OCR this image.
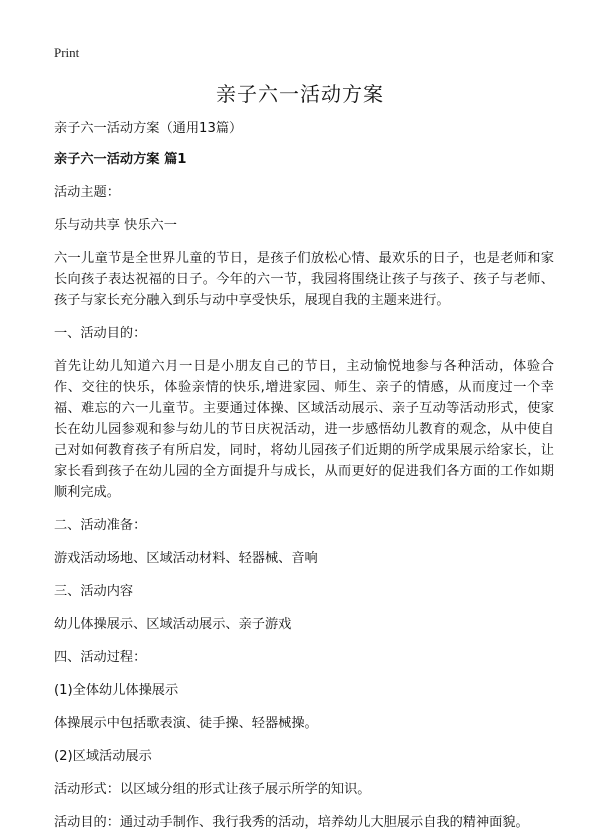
Print
亲子六一活动方案

亲子六一活动方案（通用13篇）

亲子六一活动方案 篇1

活动主题：

乐与动共享 快乐六一

六一儿童节是全世界儿童的节日，是孩子们放松心情、最欢乐的日子，也是老师和家长向孩子表达祝福的日子。今年的六一节，我园将围绕让孩子与孩子、孩子与老师、孩子与家长充分融入到乐与动中享受快乐，展现自我的主题来进行。

一、活动目的：

首先让幼儿知道六月一日是小朋友自己的节日，主动愉悦地参与各种活动，体验合作、交往的快乐，体验亲情的快乐,增进家园、师生、亲子的情感，从而度过一个幸福、难忘的六一儿童节。主要通过体操、区域活动展示、亲子互动等活动形式，使家长在幼儿园参观和参与幼儿的节日庆祝活动，进一步感悟幼儿教育的观念，从中使自己对如何教育孩子有所启发，同时，将幼儿园孩子们近期的所学成果展示给家长，让家长看到孩子在幼儿园的全方面提升与成长，从而更好的促进我们各方面的工作如期顺利完成。

二、活动准备：

游戏活动场地、区域活动材料、轻器械、音响

三、活动内容

幼儿体操展示、区域活动展示、亲子游戏

四、活动过程：

(1)全体幼儿体操展示

体操展示中包括歌表演、徒手操、轻器械操。

(2)区域活动展示

活动形式：以区域分组的形式让孩子展示所学的知识。

活动目的：通过动手制作、我行我秀的活动，培养幼儿大胆展示自我的精神面貌。
